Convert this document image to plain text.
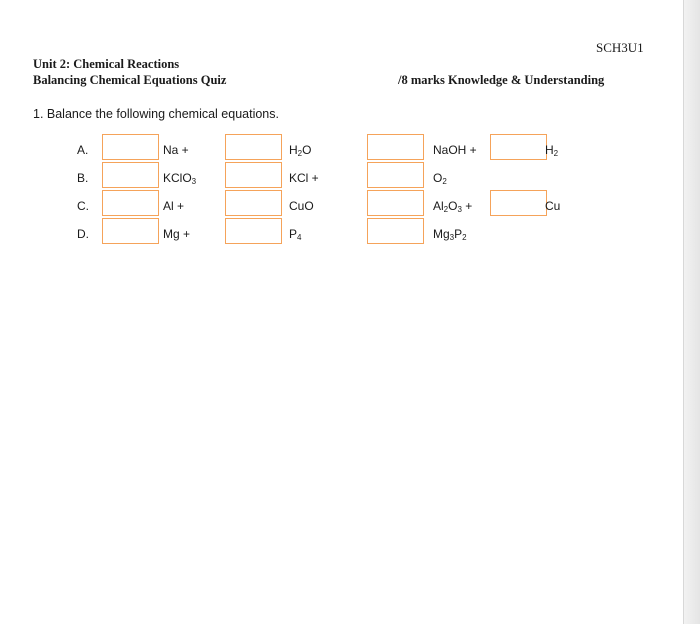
SCH3U1
Unit 2: Chemical Reactions
Balancing Chemical Equations Quiz	/8 marks Knowledge & Understanding
1. Balance the following chemical equations.
A.	Na +	$H_2O$	NaOH +	$H_2$
B.	KClO$_3$	KCl +	$O_2$
C.	Al +	CuO	$Al_2O_3$ +	Cu
D.	Mg +	$P_4$	$Mg_3P_2$
